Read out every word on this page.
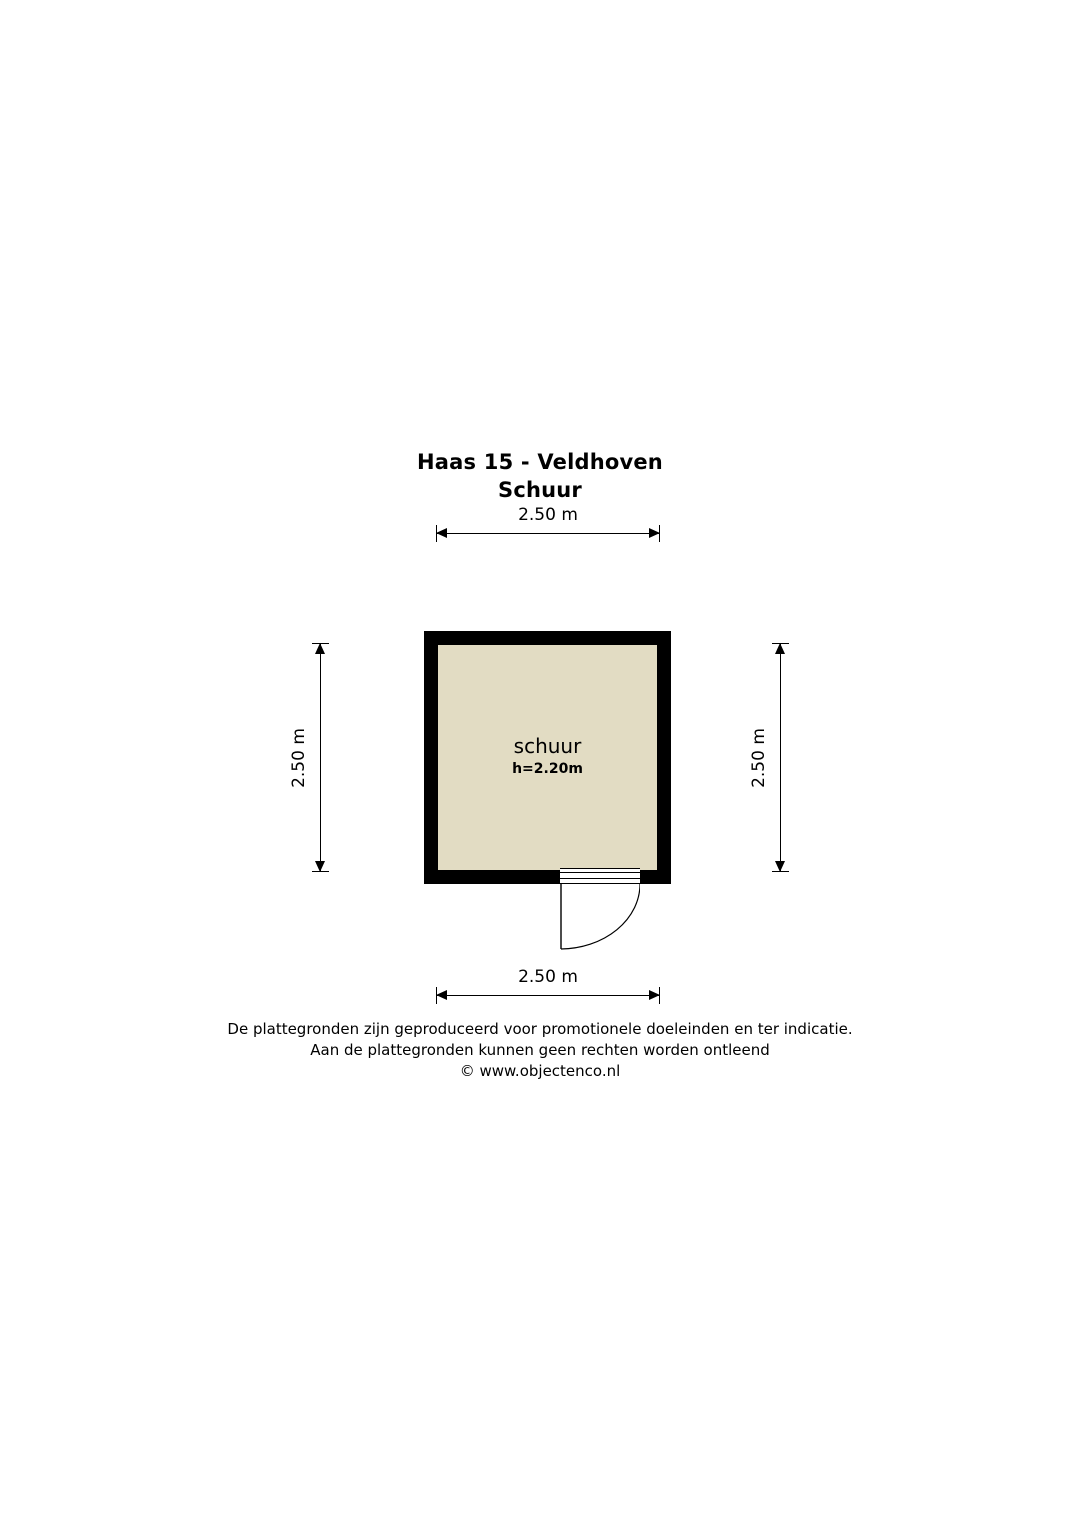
Haas 15 - Veldhoven
Schuur
2.50 m
2.50 m	2.50 m
schuur
h=2.20m
2.50 m
De plattegronden zijn geproduceerd voor promotionele doeleinden en ter indicatie.
Aan de plattegronden kunnen geen rechten worden ontleend
© www.objectenco.nl
